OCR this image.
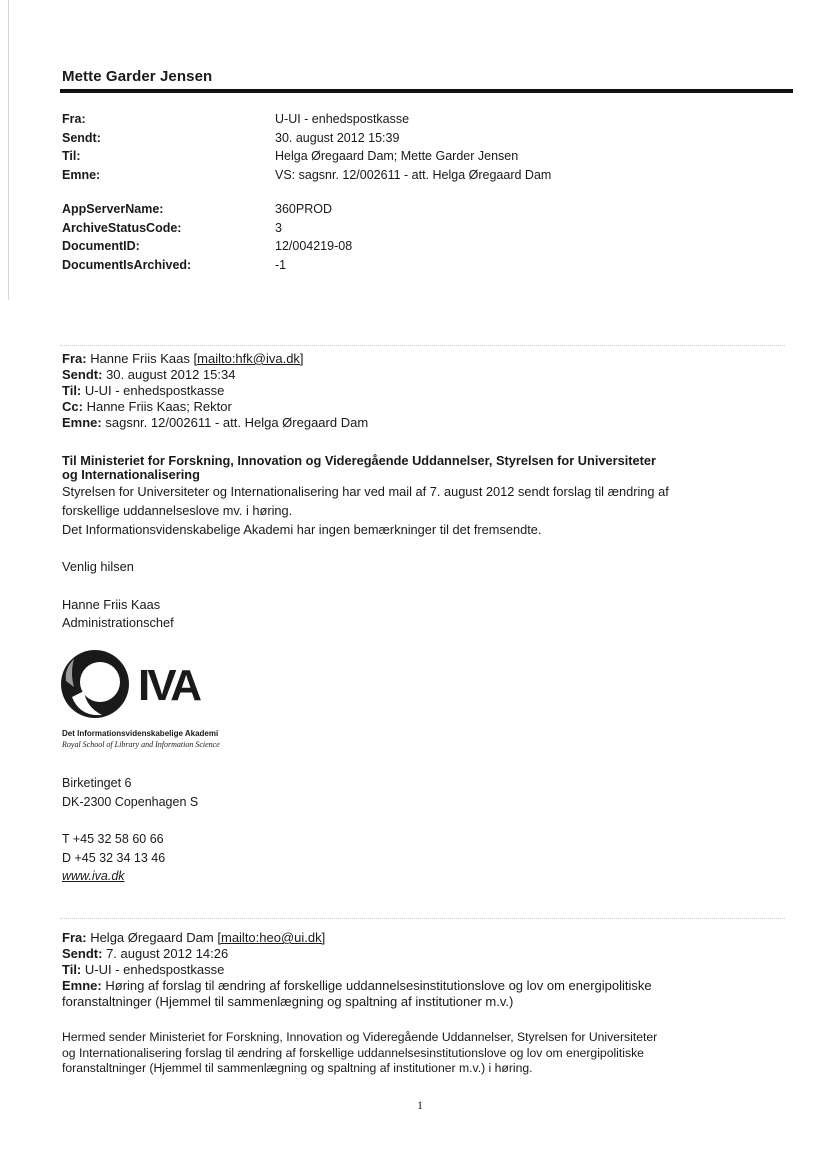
Mette Garder Jensen
Fra:	U-UI - enhedspostkasse
Sendt:	30. august 2012 15:39
Til:	Helga Øregaard Dam; Mette Garder Jensen
Emne:	VS: sagsnr. 12/002611 - att. Helga Øregaard Dam
AppServerName:	360PROD
ArchiveStatusCode:	3
DocumentID:	12/004219-08
DocumentIsArchived:	-1
Fra: Hanne Friis Kaas [mailto:hfk@iva.dk]
Sendt: 30. august 2012 15:34
Til: U-UI - enhedspostkasse
Cc: Hanne Friis Kaas; Rektor
Emne: sagsnr. 12/002611 - att. Helga Øregaard Dam
Til Ministeriet for Forskning, Innovation og Videregående Uddannelser, Styrelsen for Universiteter
og Internationalisering

Styrelsen for Universiteter og Internationalisering har ved mail af 7. august 2012 sendt forslag til ændring af

forskellige uddannelseslove mv. i høring.

Det Informationsvidenskabelige Akademi har ingen bemærkninger til det fremsendte.

Venlig hilsen
Hanne Friis Kaas
Administrationschef
IVA
Det Informationsvidenskabelige Akademi
Royal School of Library and Information Science
Birketinget 6
DK-2300 Copenhagen S
T +45 32 58 60 66
D +45 32 34 13 46
www.iva.dk
Fra: Helga Øregaard Dam [mailto:heo@ui.dk]
Sendt: 7. august 2012 14:26
Til: U-UI - enhedspostkasse
Emne: Høring af forslag til ændring af forskellige uddannelsesinstitutionslove og lov om energipolitiske
foranstaltninger (Hjemmel til sammenlægning og spaltning af institutioner m.v.)
Hermed sender Ministeriet for Forskning, Innovation og Videregående Uddannelser, Styrelsen for Universiteter
og Internationalisering forslag til ændring af forskellige uddannelsesinstitutionslove og lov om energipolitiske
foranstaltninger (Hjemmel til sammenlægning og spaltning af institutioner m.v.) i høring.
1
